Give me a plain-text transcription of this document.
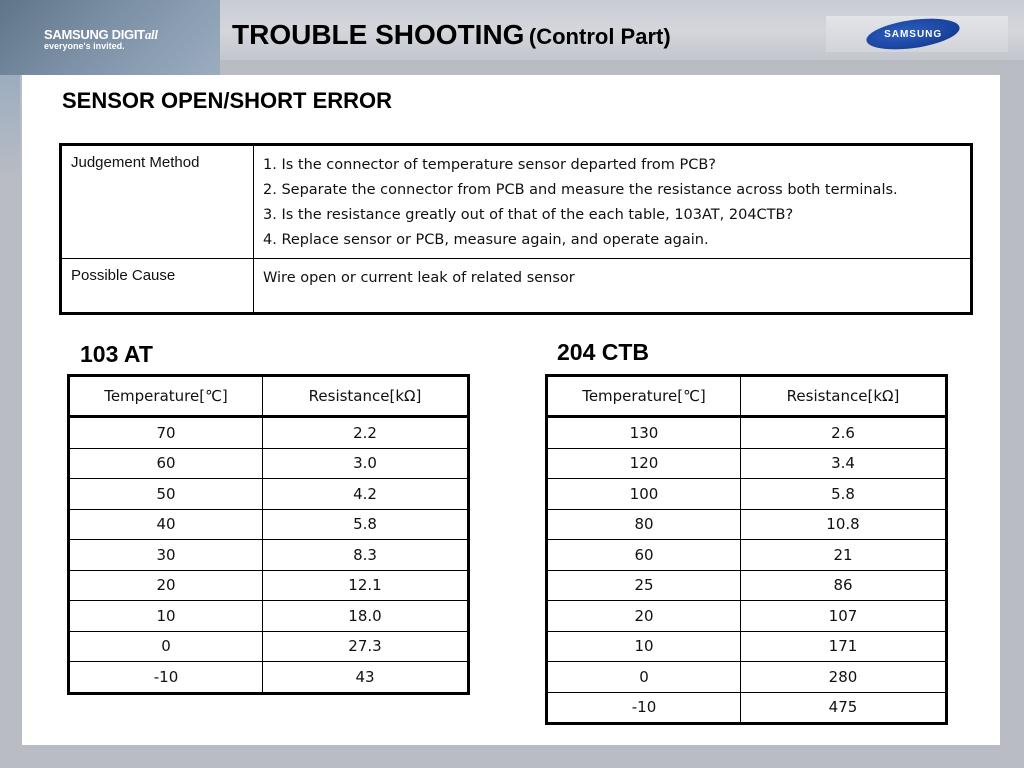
SAMSUNG DIGITall
everyone's invited.	TROUBLE SHOOTING (Control Part)	SAMSUNG
SENSOR OPEN/SHORT ERROR
Judgement Method	1. Is the connector of temperature sensor departed from PCB?
2. Separate the connector from PCB and measure the resistance across both terminals.
3. Is the resistance greatly out of that of the each table, 103AT, 204CTB?
4. Replace sensor or PCB, measure again, and operate again.

Possible Cause	Wire open or current leak of related sensor
103 AT
Temperature[℃]	Resistance[kΩ]
70	2.2
60	3.0
50	4.2
40	5.8
30	8.3
20	12.1
10	18.0
0	27.3
-10	43
204 CTB
Temperature[℃]	Resistance[kΩ]
130	2.6
120	3.4
100	5.8
80	10.8
60	21
25	86
20	107
10	171
0	280
-10	475
